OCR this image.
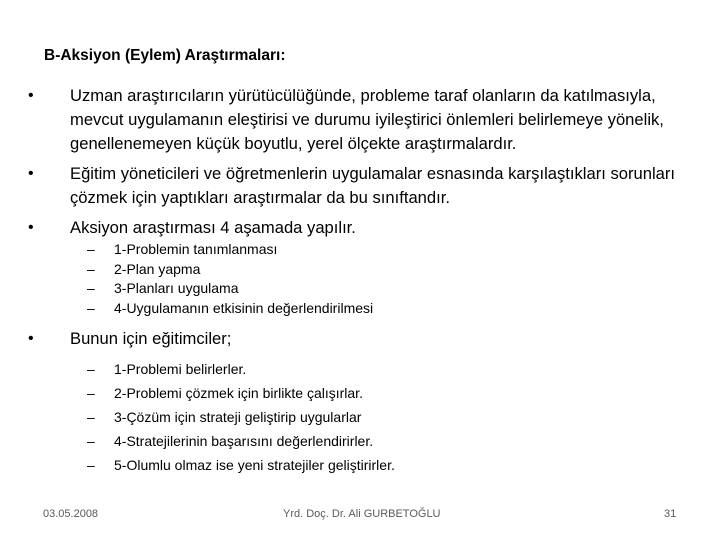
B-Aksiyon (Eylem) Araştırmaları:
•	Uzman araştırıcıların yürütücülüğünde, probleme taraf olanların da katılmasıyla, mevcut uygulamanın eleştirisi ve durumu iyileştirici önlemleri belirlemeye yönelik, genellenemeyen küçük boyutlu, yerel ölçekte araştırmalardır.
•	Eğitim yöneticileri ve öğretmenlerin uygulamalar esnasında karşılaştıkları sorunları çözmek için yaptıkları araştırmalar da bu sınıftandır.
•	Aksiyon araştırması 4 aşamada yapılır.
– 1-Problemin tanımlanması
– 2-Plan yapma
– 3-Planları uygulama
– 4-Uygulamanın etkisinin değerlendirilmesi
•	Bunun için eğitimciler;
– 1-Problemi belirlerler.
– 2-Problemi çözmek için birlikte çalışırlar.
– 3-Çözüm için strateji geliştirip uygularlar
– 4-Stratejilerinin başarısını değerlendirirler.
– 5-Olumlu olmaz ise yeni stratejiler geliştirirler.
03.05.2008	Yrd. Doç. Dr. Ali GURBETOĞLU	31
